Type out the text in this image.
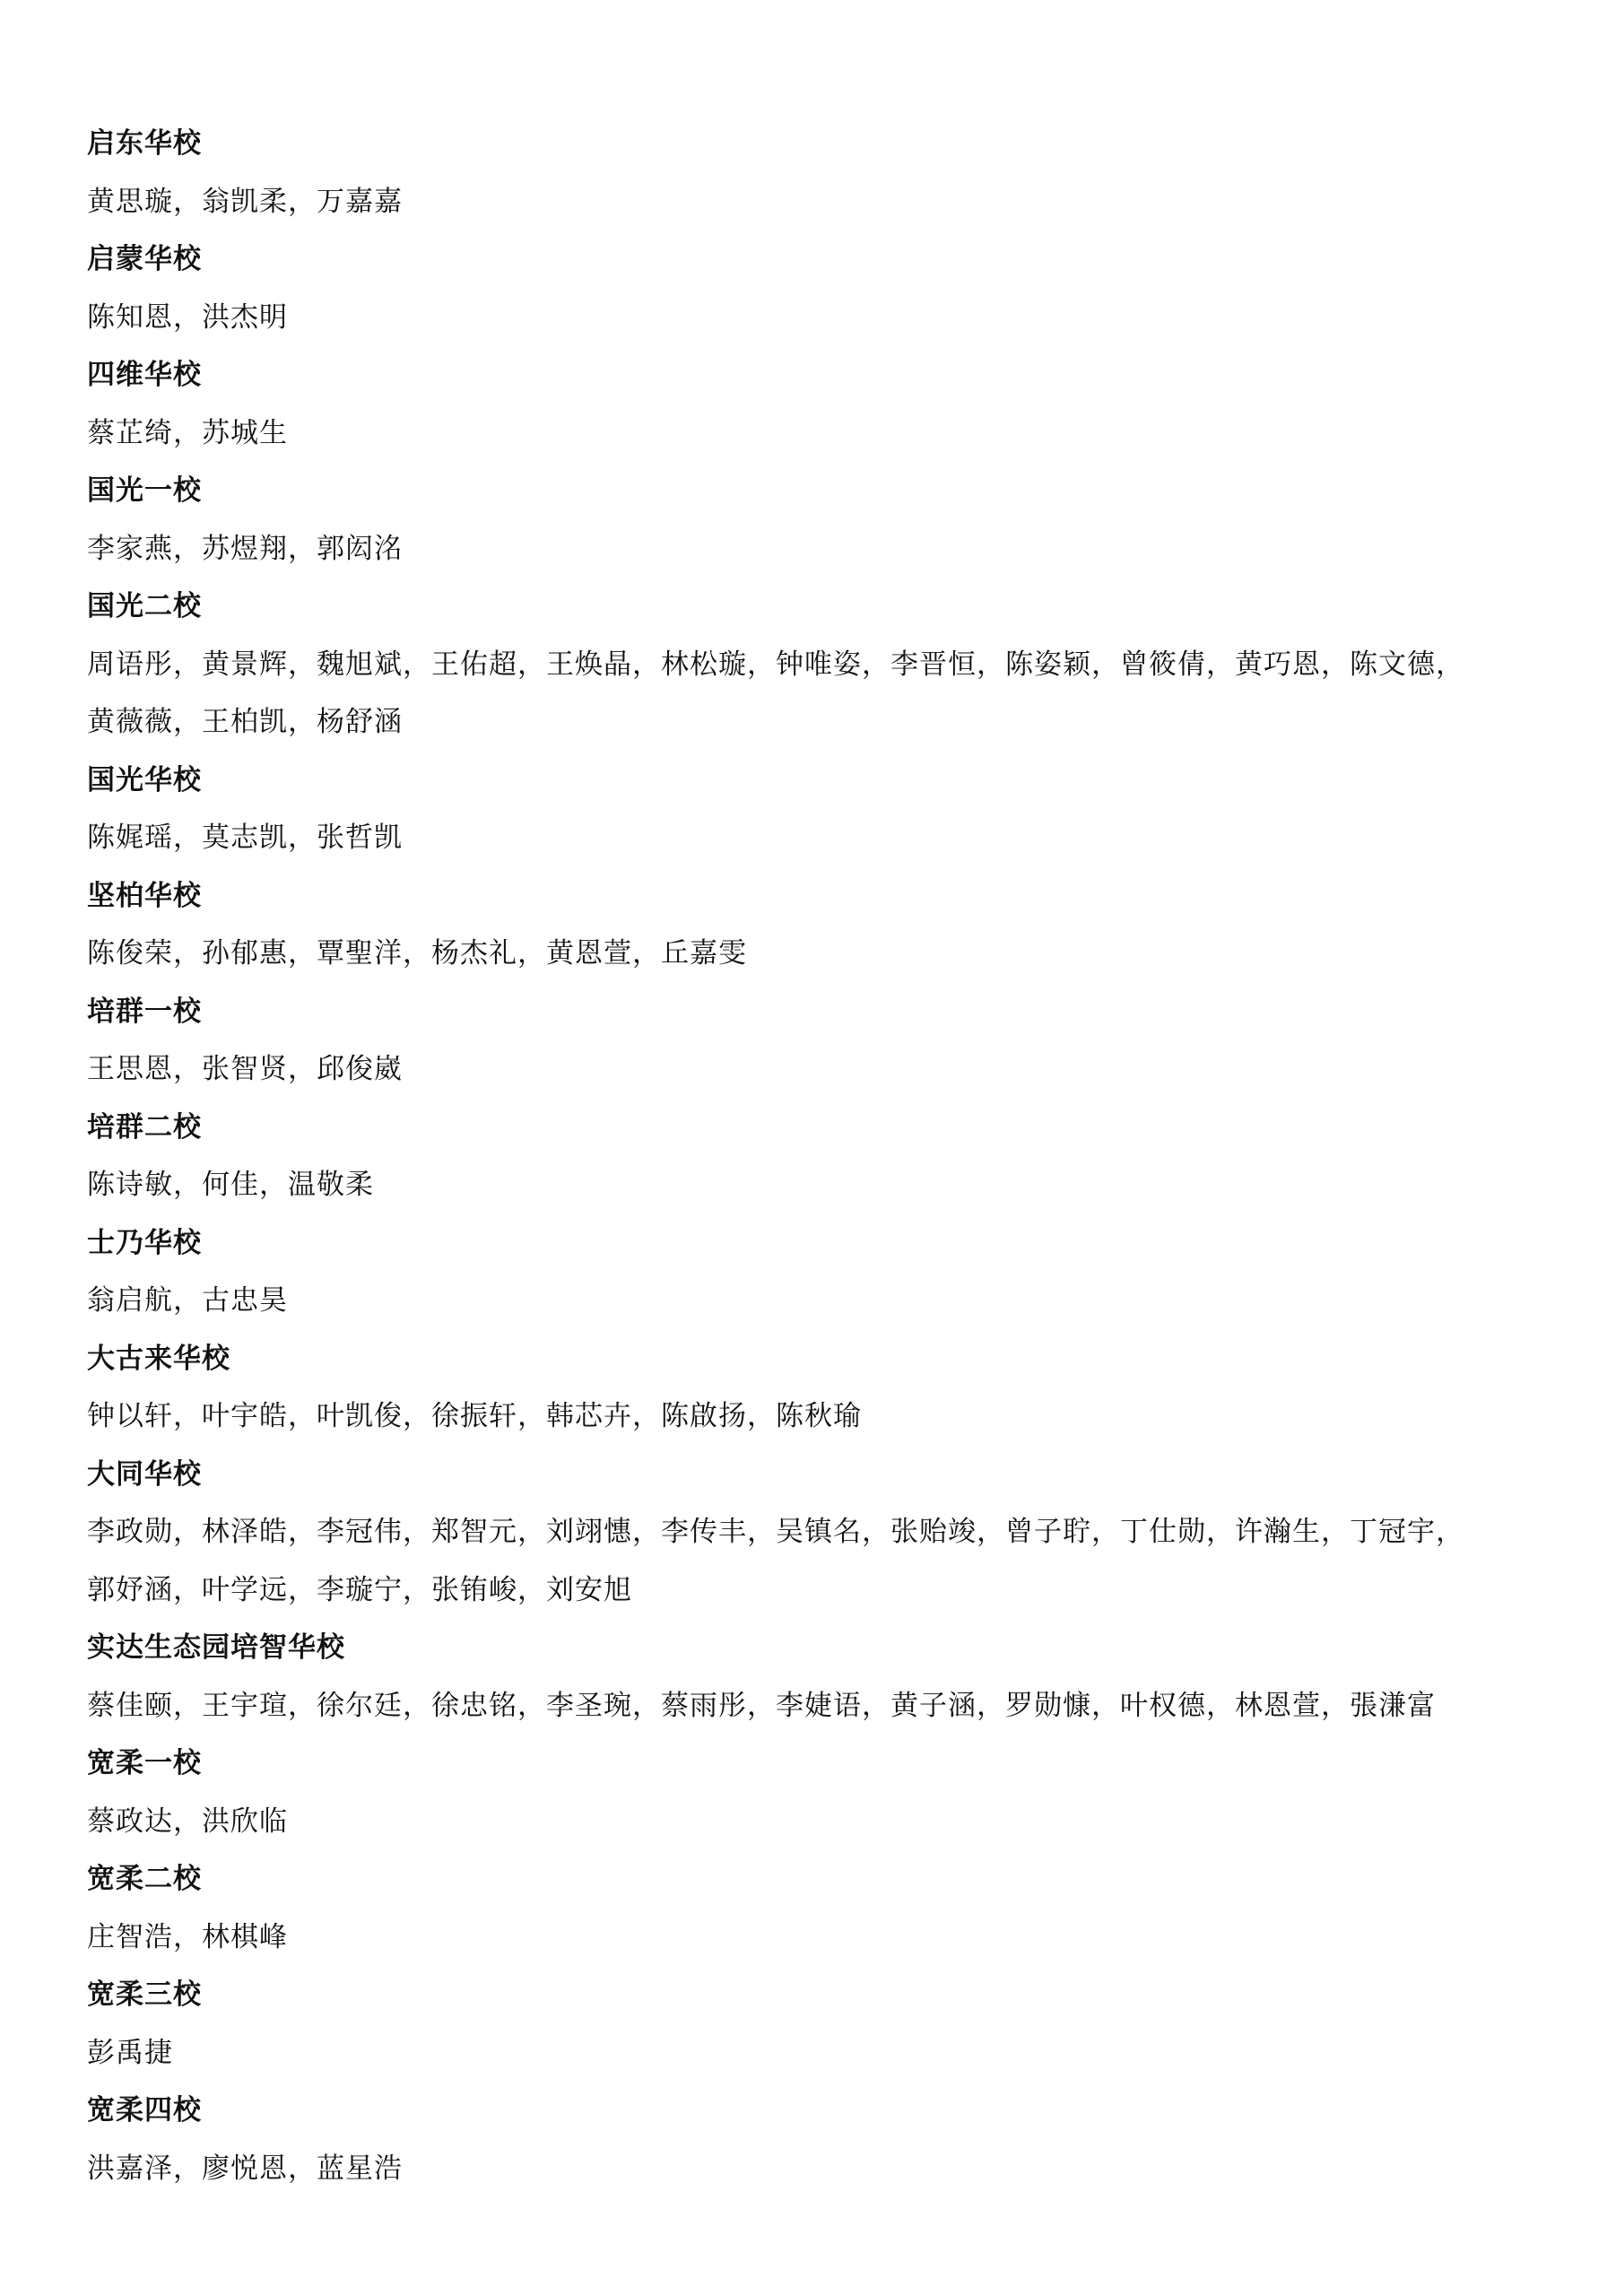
启东华校
黄思璇，翁凯柔，万嘉嘉
启蒙华校
陈知恩，洪杰明
四维华校
蔡芷绮，苏城生
国光一校
李家燕，苏煜翔，郭闳洺
国光二校
周语彤，黄景辉，魏旭斌，王佑超，王焕晶，林松璇，钟唯姿，李晋恒，陈姿颖，曾筱倩，黄巧恩，陈文德，
黄薇薇，王柏凯，杨舒涵
国光华校
陈娓瑶，莫志凯，张哲凯
坚柏华校
陈俊荣，孙郁惠，覃聖洋，杨杰礼，黄恩萱，丘嘉雯
培群一校
王思恩，张智贤，邱俊崴
培群二校
陈诗敏，何佳，温敬柔
士乃华校
翁启航，古忠昊
大古来华校
钟以轩，叶宇皓，叶凯俊，徐振轩，韩芯卉，陈啟扬，陈秋瑜
大同华校
李政勋，林泽皓，李冠伟，郑智元，刘翊憓，李传丰，吴镇名，张贻竣，曾子聍，丁仕勋，许瀚生，丁冠宇，
郭妤涵，叶学远，李璇宁，张铕峻，刘安旭
实达生态园培智华校
蔡佳颐，王宇瑄，徐尔廷，徐忠铭，李圣琬，蔡雨彤，李婕语，黄子涵，罗勋慷，叶权德，林恩萱，張溓富
宽柔一校
蔡政达，洪欣临
宽柔二校
庄智浩，林棋峰
宽柔三校
彭禹捷
宽柔四校
洪嘉泽，廖悦恩，蓝星浩
